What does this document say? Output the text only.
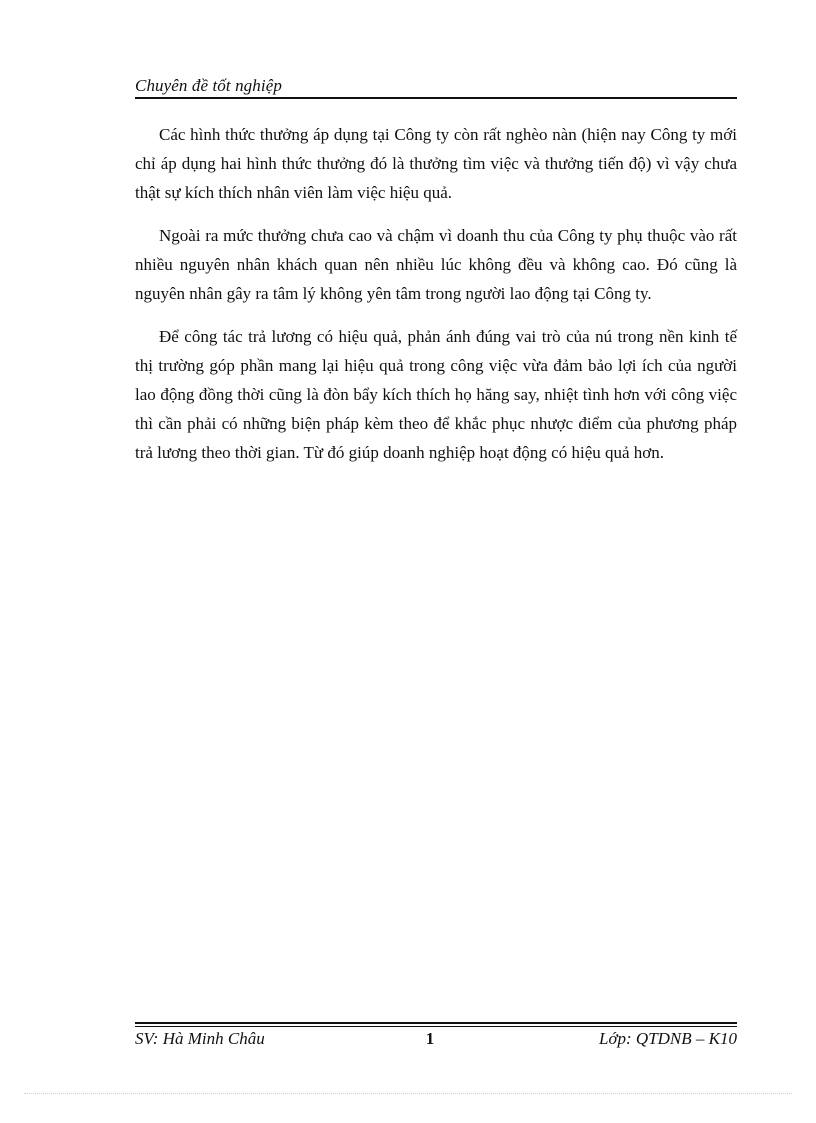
Chuyên đề tốt nghiệp

Các hình thức thưởng áp dụng tại Công ty còn rất nghèo nàn (hiện nay Công ty mới chỉ áp dụng hai hình thức thưởng đó là thưởng tìm việc và thưởng tiến độ) vì vậy chưa thật sự kích thích nhân viên làm việc hiệu quả.

Ngoài ra mức thưởng chưa cao và chậm vì doanh thu của Công ty phụ thuộc vào rất nhiều nguyên nhân khách quan nên nhiều lúc không đều và không cao. Đó cũng là nguyên nhân gây ra tâm lý không yên tâm trong người lao động tại Công ty.

Để công tác trả lương có hiệu quả, phản ánh đúng vai trò của nú trong nền kinh tế thị trường góp phần mang lại hiệu quả trong công việc vừa đảm bảo lợi ích của người lao động đồng thời cũng là đòn bẩy kích thích họ hăng say, nhiệt tình hơn với công việc thì cần phải có những biện pháp kèm theo để khắc phục nhược điểm của phương pháp trả lương theo thời gian. Từ đó giúp doanh nghiệp hoạt động có hiệu quả hơn.

SV: Hà Minh Châu	1	Lớp: QTDNB – K10
